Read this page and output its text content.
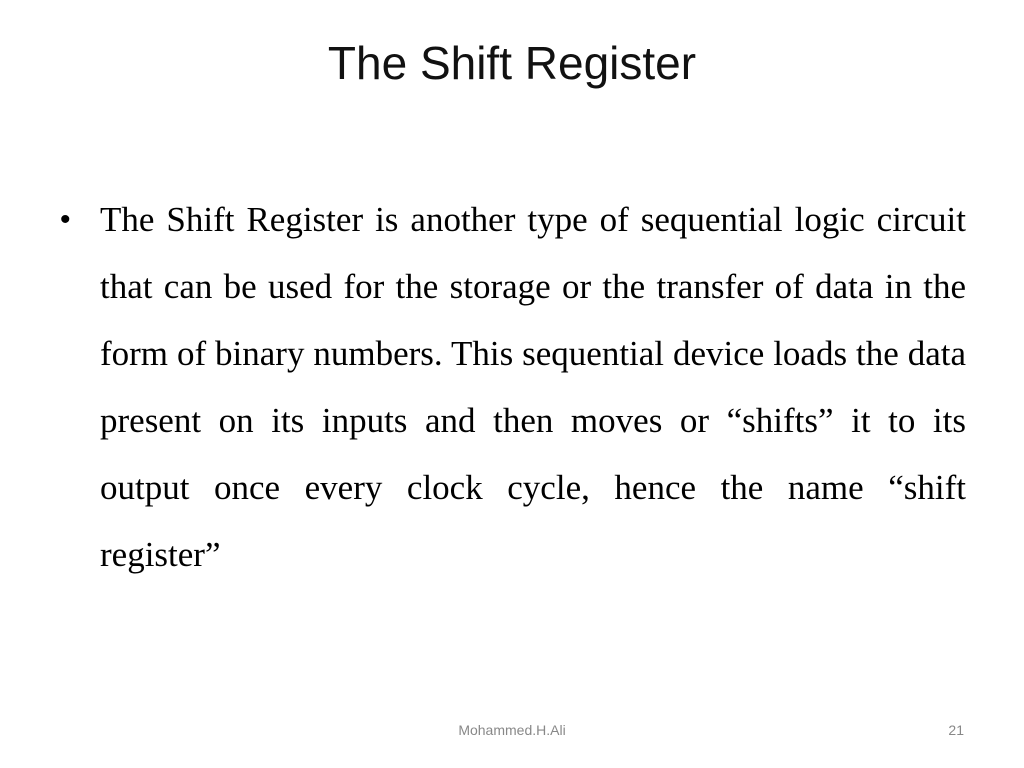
The Shift Register
• The Shift Register is another type of sequential logic circuit that can be used for the storage or the transfer of data in the form of binary numbers. This sequential device loads the data present on its inputs and then moves or “shifts” it to its output once every clock cycle, hence the name “shift register”

Mohammed.H.Ali	21
